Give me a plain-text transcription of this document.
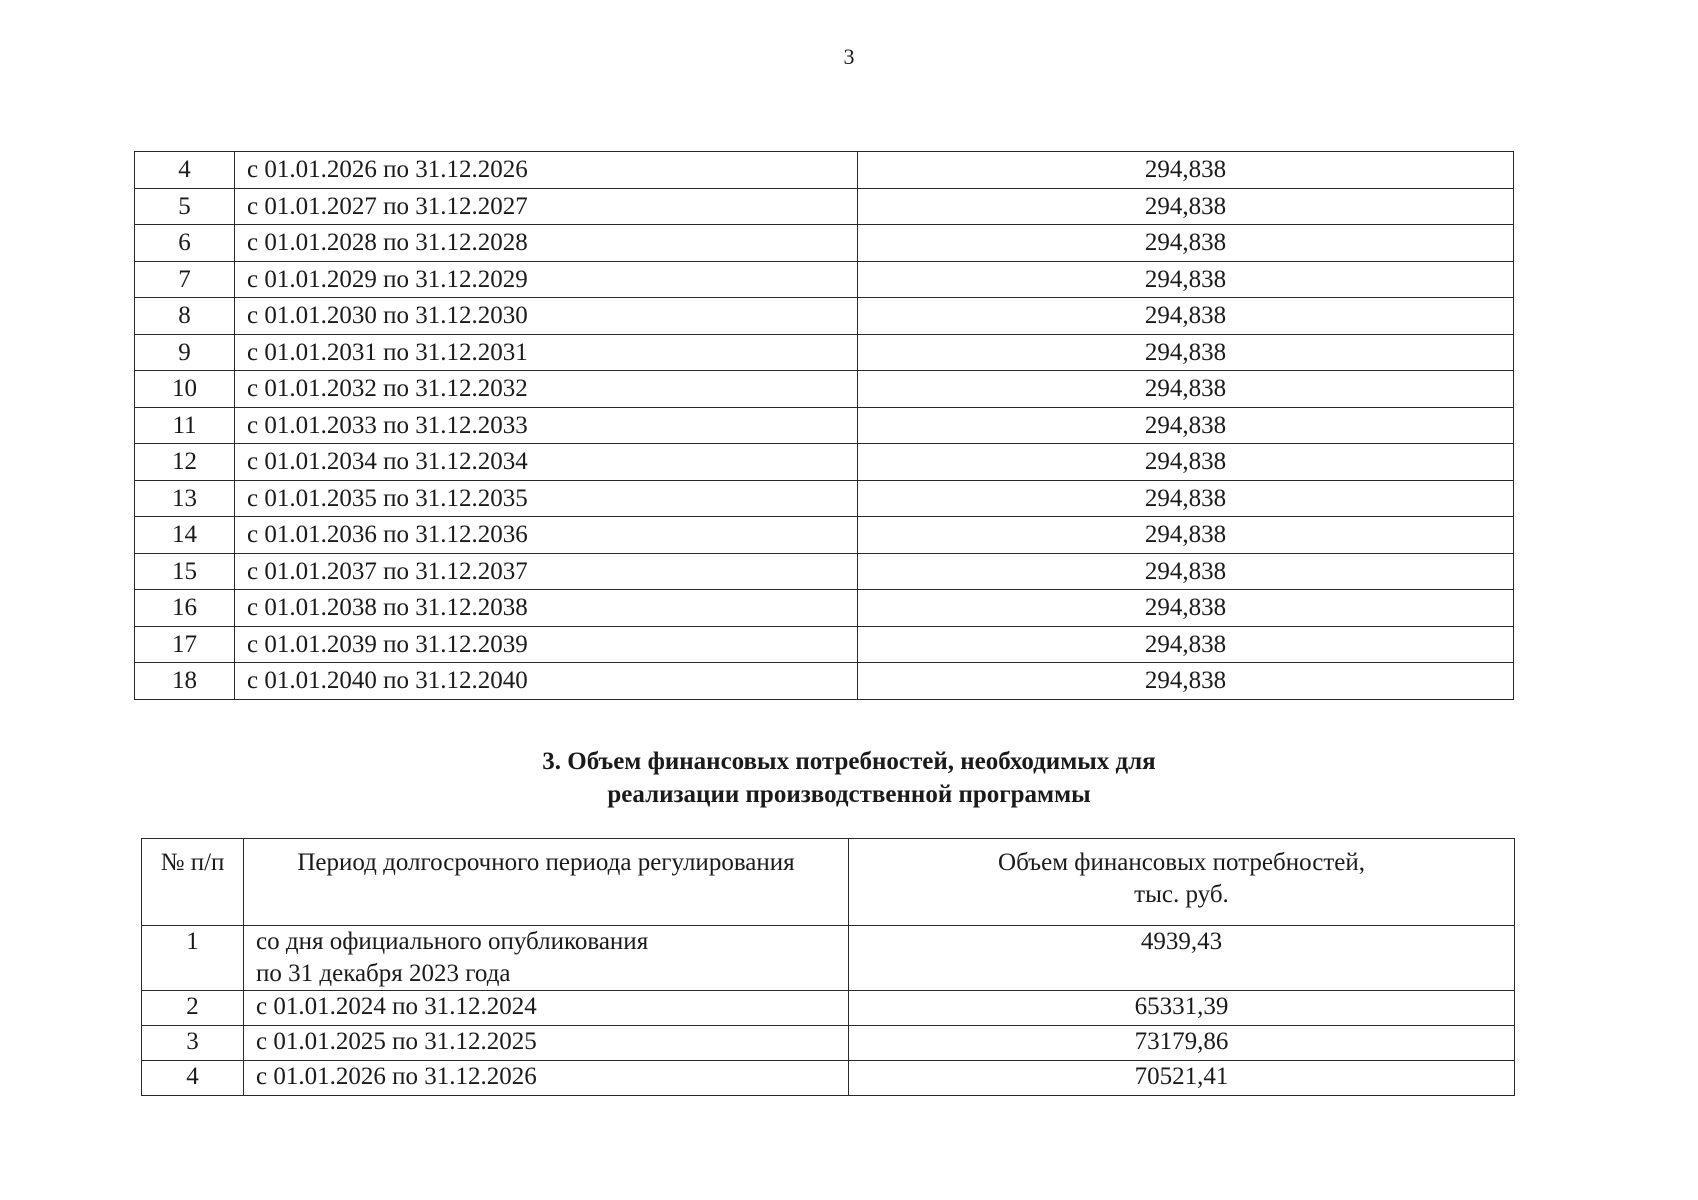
3
4	с 01.01.2026 по 31.12.2026	294,838
5	с 01.01.2027 по 31.12.2027	294,838
6	с 01.01.2028 по 31.12.2028	294,838
7	с 01.01.2029 по 31.12.2029	294,838
8	с 01.01.2030 по 31.12.2030	294,838
9	с 01.01.2031 по 31.12.2031	294,838
10	с 01.01.2032 по 31.12.2032	294,838
11	с 01.01.2033 по 31.12.2033	294,838
12	с 01.01.2034 по 31.12.2034	294,838
13	с 01.01.2035 по 31.12.2035	294,838
14	с 01.01.2036 по 31.12.2036	294,838
15	с 01.01.2037 по 31.12.2037	294,838
16	с 01.01.2038 по 31.12.2038	294,838
17	с 01.01.2039 по 31.12.2039	294,838
18	с 01.01.2040 по 31.12.2040	294,838
3. Объем финансовых потребностей, необходимых для
реализации производственной программы
№ п/п	Период долгосрочного периода регулирования	Объем финансовых потребностей,
тыс. руб.

1	со дня официального опубликования
по 31 декабря 2023 года	4939,43
2	с 01.01.2024 по 31.12.2024	65331,39
3	с 01.01.2025 по 31.12.2025	73179,86
4	с 01.01.2026 по 31.12.2026	70521,41
